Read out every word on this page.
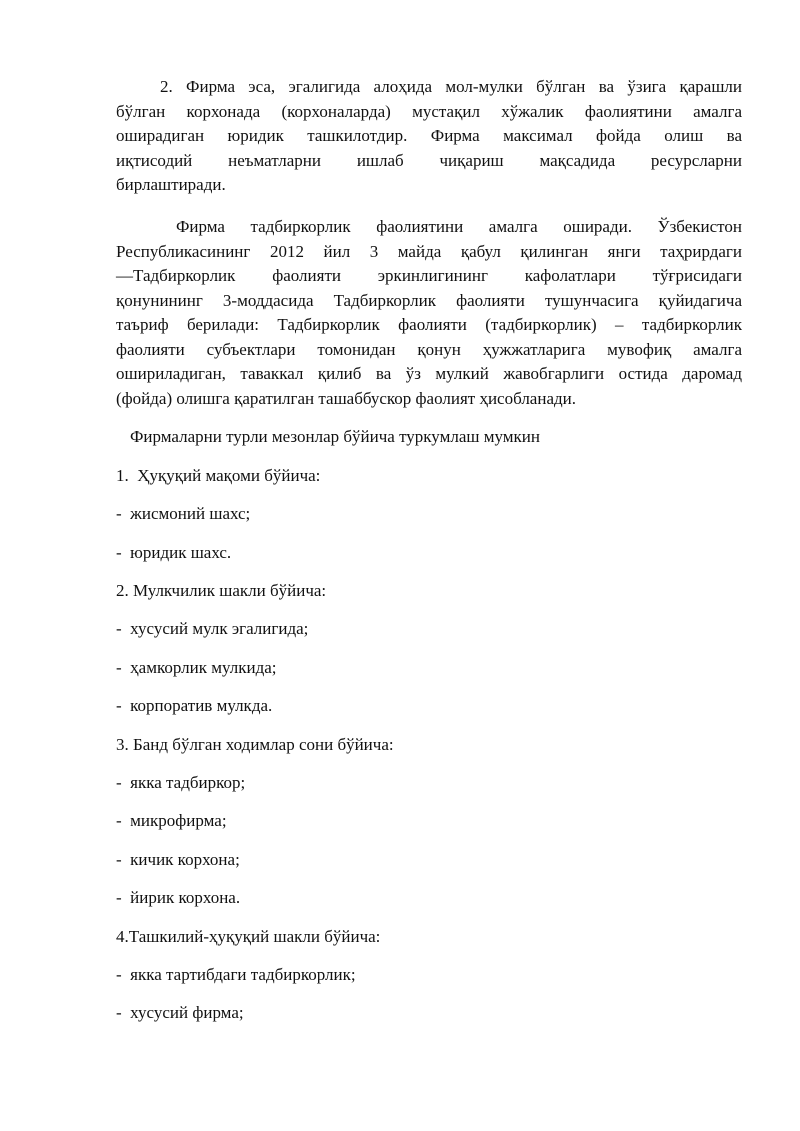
2. Фирма эса, эгалигида алоҳида мол-мулки бўлган ва ўзига қарашли
бўлган корхонада (корхоналарда) мустақил хўжалик фаолиятини амалга
оширадиган юридик ташкилотдир. Фирма максимал фойда олиш ва
иқтисодий неъматларни ишлаб чиқариш мақсадида ресурсларни
бирлаштиради.
Фирма тадбиркорлик фаолиятини амалга оширади. Ўзбекистон
Республикасининг 2012 йил 3 майда қабул қилинган янги таҳрирдаги
―Тадбиркорлик фаолияти эркинлигининг кафолатлари тўғрисидаги
қонунининг 3-моддасида Тадбиркорлик фаолияти тушунчасига қуйидагича
таъриф берилади: Тадбиркорлик фаолияти (тадбиркорлик) – тадбиркорлик
фаолияти субъектлари томонидан қонун ҳужжатларига мувофиқ амалга
ошириладиган, таваккал қилиб ва ўз мулкий жавобгарлиги остида даромад
(фойда) олишга қаратилган ташаббускор фаолият ҳисобланади.
Фирмаларни турли мезонлар бўйича туркумлаш мумкин
1.  Ҳуқуқий мақоми бўйича:
-  жисмоний шахс;
-  юридик шахс.
2. Мулкчилик шакли бўйича:
-  хусусий мулк эгалигида;
-  ҳамкорлик мулкида;
-  корпоратив мулкда.
3. Банд бўлган ходимлар сони бўйича:
-  якка тадбиркор;
-  микрофирма;
-  кичик корхона;
-  йирик корхона.
4.Ташкилий-ҳуқуқий шакли бўйича:
-  якка тартибдаги тадбиркорлик;
-  хусусий фирма;
